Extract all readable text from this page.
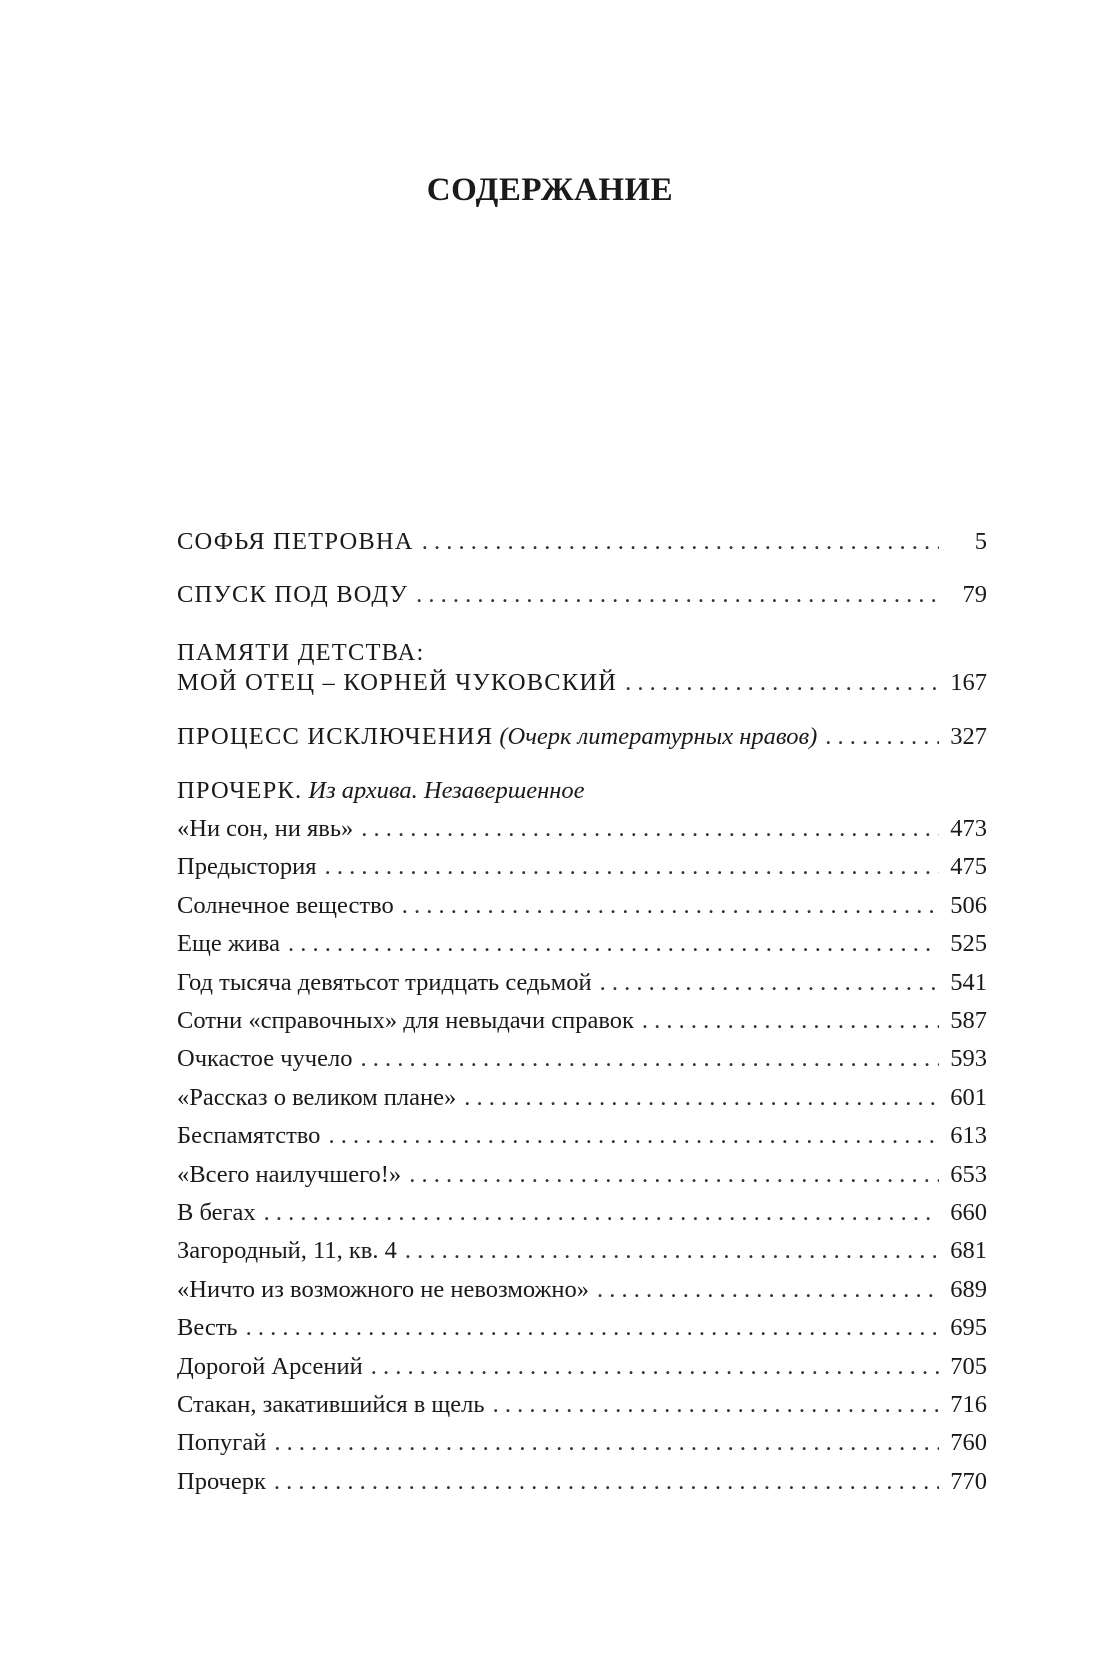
СОДЕРЖАНИЕ
СОФЬЯ ПЕТРОВНА . . .	5
СПУСК ПОД ВОДУ . . .	79
ПАМЯТИ ДЕТСТВА:
МОЙ ОТЕЦ – КОРНЕЙ ЧУКОВСКИЙ . . .	167
ПРОЦЕСС ИСКЛЮЧЕНИЯ (Очерк литературных нравов) . . .	327
ПРОЧЕРК. Из архива. Незавершенное
«Ни сон, ни явь» . . .	473
Предыстория . . .	475
Солнечное вещество . . .	506
Еще жива . . .	525
Год тысяча девятьсот тридцать седьмой . . .	541
Сотни «справочных» для невыдачи справок . . .	587
Очкастое чучело . . .	593
«Рассказ о великом плане» . . .	601
Беспамятство . . .	613
«Всего наилучшего!» . . .	653
В бегах . . .	660
Загородный, 11, кв. 4 . . .	681
«Ничто из возможного не невозможно» . . .	689
Весть . . .	695
Дорогой Арсений . . .	705
Стакан, закатившийся в щель . . .	716
Попугай . . .	760
Прочерк . . .	770
